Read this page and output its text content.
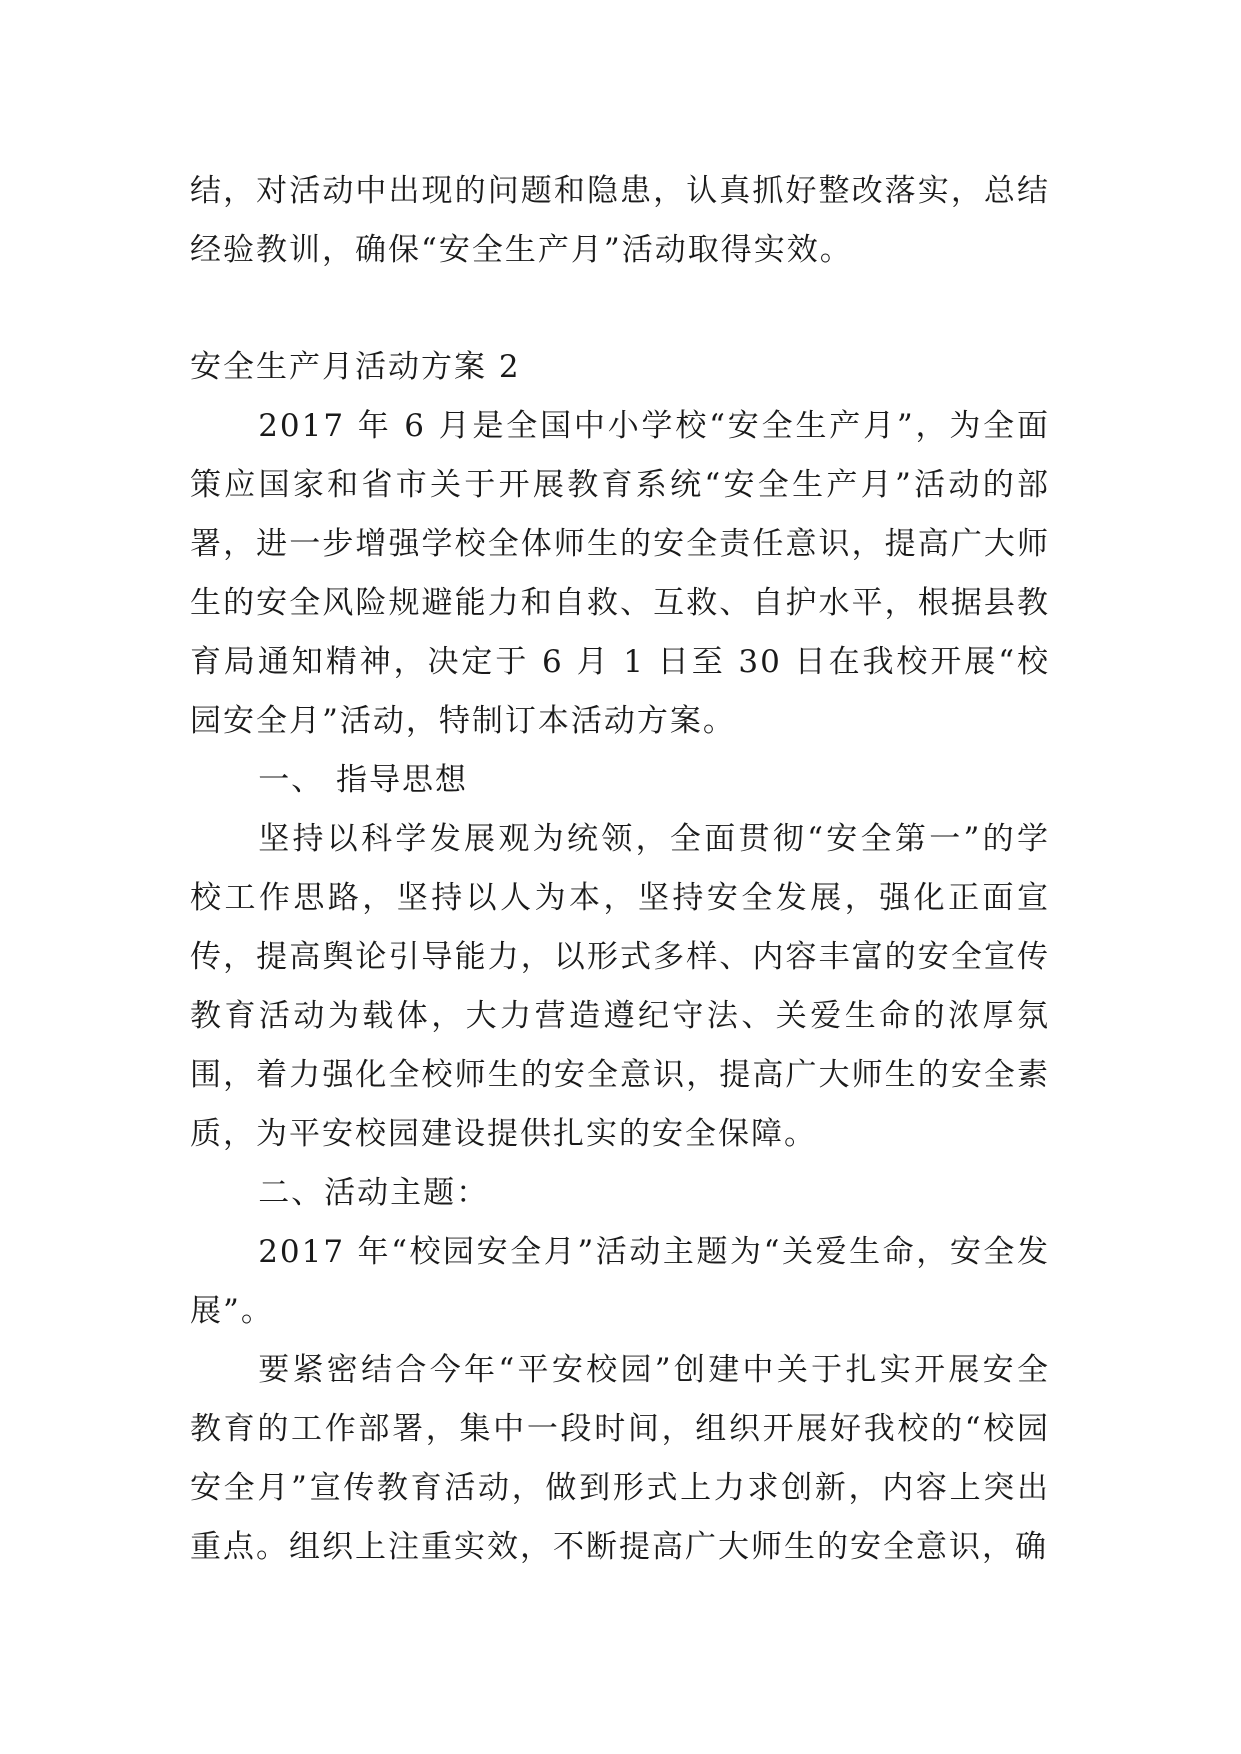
结，对活动中出现的问题和隐患，认真抓好整改落实，总结经验教训，确保“安全生产月”活动取得实效。

安全生产月活动方案 2

2017 年 6 月是全国中小学校“安全生产月”，为全面策应国家和省市关于开展教育系统“安全生产月”活动的部署，进一步增强学校全体师生的安全责任意识，提高广大师生的安全风险规避能力和自救、互救、自护水平，根据县教育局通知精神，决定于 6 月 1 日至 30 日在我校开展“校园安全月”活动，特制订本活动方案。

一、 指导思想

坚持以科学发展观为统领，全面贯彻“安全第一”的学校工作思路，坚持以人为本，坚持安全发展，强化正面宣传，提高舆论引导能力，以形式多样、内容丰富的安全宣传教育活动为载体，大力营造遵纪守法、关爱生命的浓厚氛围，着力强化全校师生的安全意识，提高广大师生的安全素质，为平安校园建设提供扎实的安全保障。

二、活动主题：

2017 年“校园安全月”活动主题为“关爱生命，安全发展”。

要紧密结合今年“平安校园”创建中关于扎实开展安全教育的工作部署，集中一段时间，组织开展好我校的“校园安全月”宣传教育活动，做到形式上力求创新，内容上突出重点。组织上注重实效，不断提高广大师生的安全意识，确
